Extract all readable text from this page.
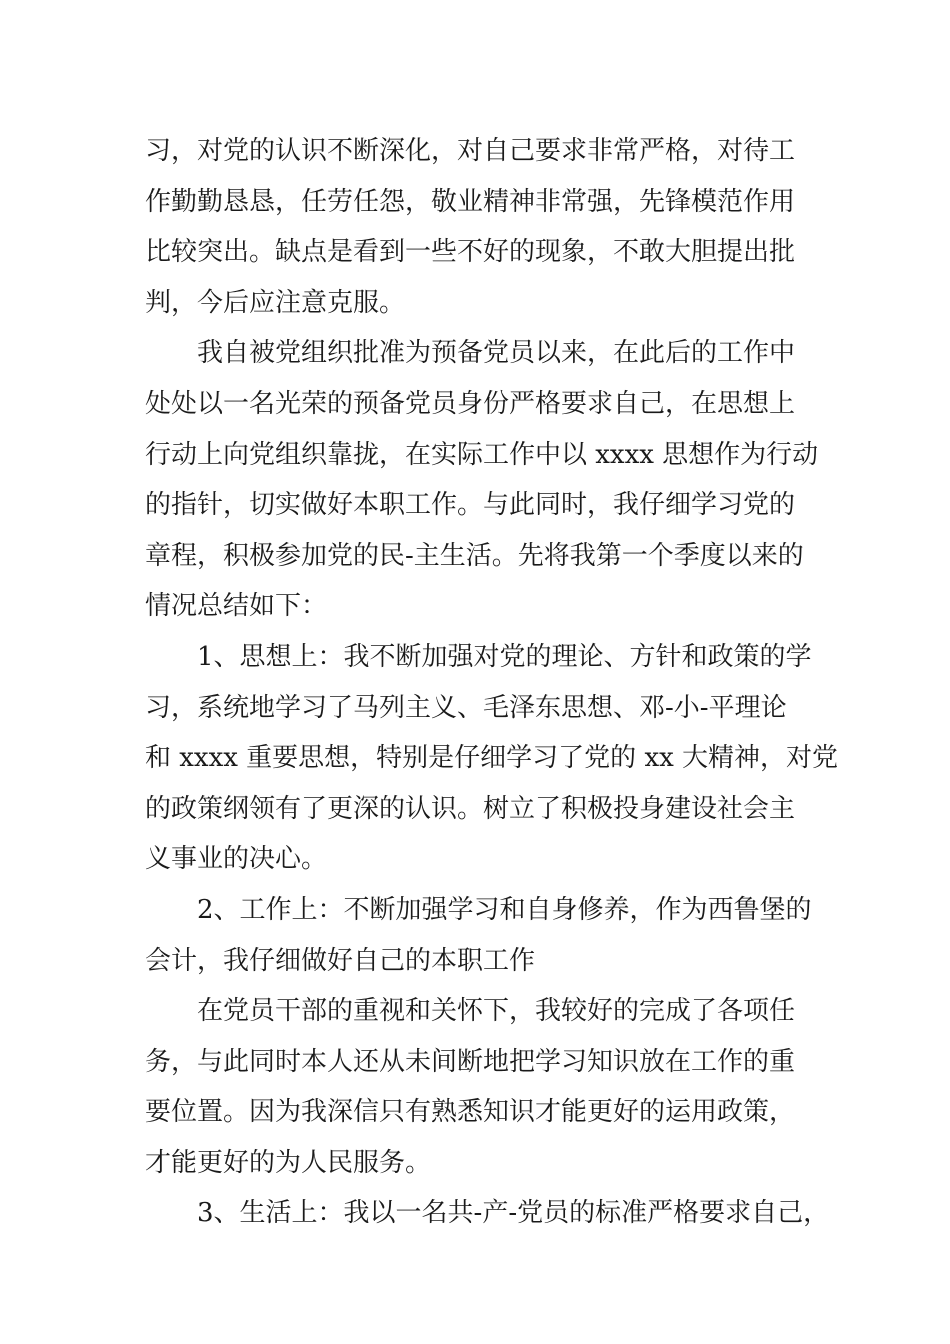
习，对党的认识不断深化，对自己要求非常严格，对待工
作勤勤恳恳，任劳任怨，敬业精神非常强，先锋模范作用
比较突出。缺点是看到一些不好的现象，不敢大胆提出批
判，今后应注意克服。
我自被党组织批准为预备党员以来，在此后的工作中
处处以一名光荣的预备党员身份严格要求自己，在思想上
行动上向党组织靠拢，在实际工作中以 xxxx 思想作为行动
的指针，切实做好本职工作。与此同时，我仔细学习党的
章程，积极参加党的民-主生活。先将我第一个季度以来的
情况总结如下：
1、思想上：我不断加强对党的理论、方针和政策的学
习，系统地学习了马列主义、毛泽东思想、邓-小-平理论
和 xxxx 重要思想，特别是仔细学习了党的 xx 大精神，对党
的政策纲领有了更深的认识。树立了积极投身建设社会主
义事业的决心。
2、工作上：不断加强学习和自身修养，作为西鲁堡的
会计，我仔细做好自己的本职工作
在党员干部的重视和关怀下，我较好的完成了各项任
务，与此同时本人还从未间断地把学习知识放在工作的重
要位置。因为我深信只有熟悉知识才能更好的运用政策，
才能更好的为人民服务。
3、生活上：我以一名共-产-党员的标准严格要求自己，
